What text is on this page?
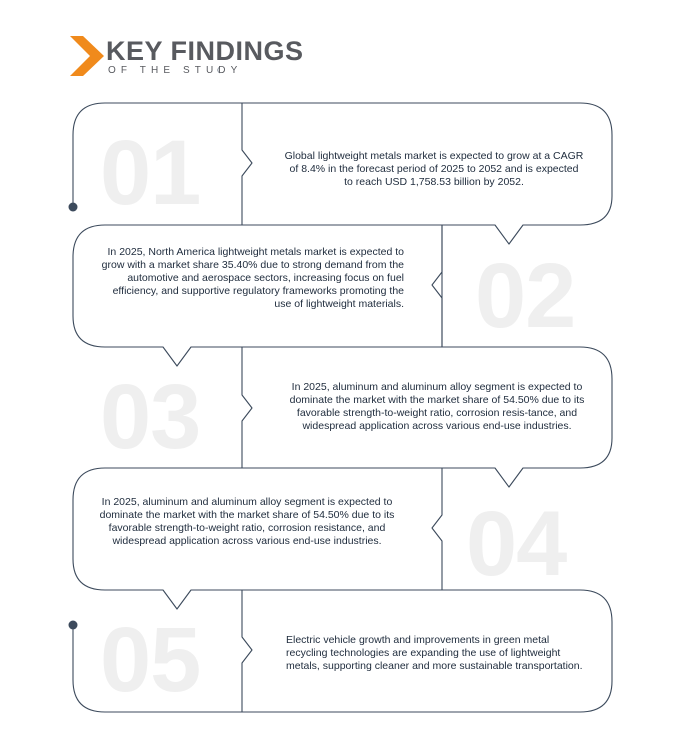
KEY FINDINGS
OF THE STUDY
01	Global lightweight metals market is expected to grow at a CAGR of 8.4% in the forecast period of 2025 to 2052 and is expected to reach USD 1,758.53 billion by 2052.
02
In 2025, North America lightweight metals market is expected to grow with a market share 35.40% due to strong demand from the automotive and aerospace sectors, increasing focus on fuel efficiency, and supportive regulatory frameworks promoting the use of lightweight materials.
03	In 2025, aluminum and aluminum alloy segment is expected to dominate the market with the market share of 54.50% due to its favorable strength-to-weight ratio, corrosion resis-tance, and widespread application across various end-use industries.
04
In 2025, aluminum and aluminum alloy segment is expected to dominate the market with the market share of 54.50% due to its favorable strength-to-weight ratio, corrosion resistance, and widespread application across various end-use industries.
05	Electric vehicle growth and improvements in green metal recycling technologies are expanding the use of lightweight metals, supporting cleaner and more sustainable transportation.
